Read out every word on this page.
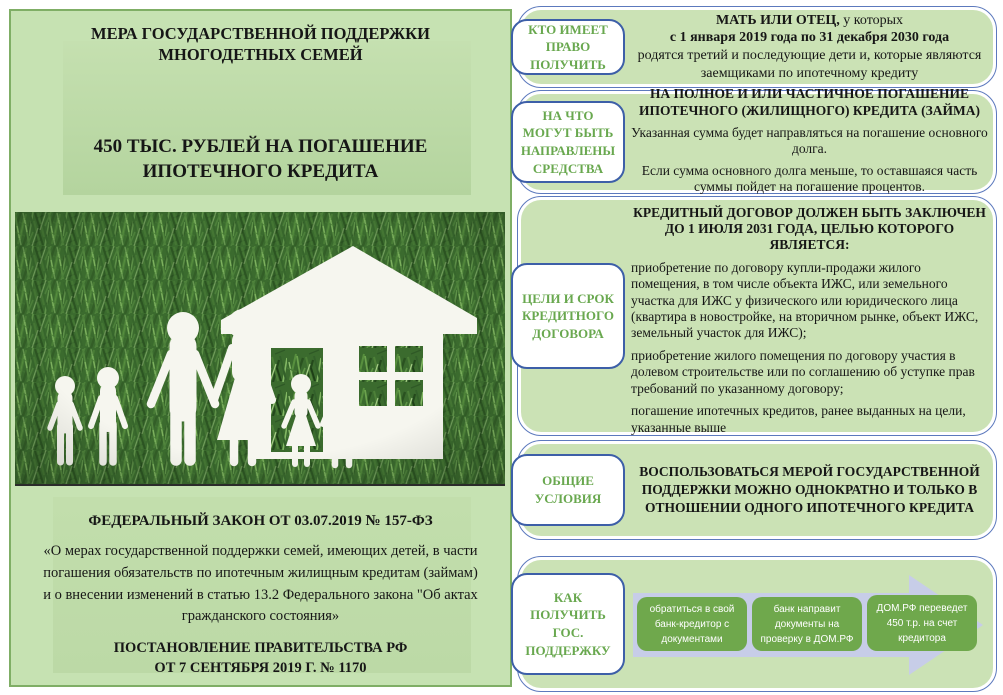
МЕРА ГОСУДАРСТВЕННОЙ ПОДДЕРЖКИ МНОГОДЕТНЫХ СЕМЕЙ
450 ТЫС. РУБЛЕЙ НА ПОГАШЕНИЕ ИПОТЕЧНОГО КРЕДИТА
ФЕДЕРАЛЬНЫЙ ЗАКОН ОТ 03.07.2019 № 157-ФЗ
«О мерах государственной поддержки семей, имеющих детей, в части погашения обязательств по ипотечным жилищным кредитам (займам) и о внесении изменений в статью 13.2 Федерального закона "Об актах гражданского состояния»
ПОСТАНОВЛЕНИЕ ПРАВИТЕЛЬСТВА РФ
ОТ 7 СЕНТЯБРЯ 2019 Г. № 1170
КТО ИМЕЕТ ПРАВО ПОЛУЧИТЬ
МАТЬ ИЛИ ОТЕЦ, у которых
с 1 января 2019 года по 31 декабря 2030 года
родятся третий и последующие дети и, которые являются заемщиками по ипотечному кредиту
НА ЧТО МОГУТ БЫТЬ НАПРАВЛЕНЫ СРЕДСТВА
НА ПОЛНОЕ И ИЛИ ЧАСТИЧНОЕ ПОГАШЕНИЕ ИПОТЕЧНОГО (ЖИЛИЩНОГО) КРЕДИТА (ЗАЙМА)
Указанная сумма будет направляться на погашение основного долга.
Если сумма основного долга меньше, то оставшаяся часть суммы пойдет на погашение процентов.
ЦЕЛИ И СРОК КРЕДИТНОГО ДОГОВОРА
КРЕДИТНЫЙ ДОГОВОР ДОЛЖЕН БЫТЬ ЗАКЛЮЧЕН ДО 1 ИЮЛЯ 2031 ГОДА, ЦЕЛЬЮ КОТОРОГО ЯВЛЯЕТСЯ:
приобретение по договору купли-продажи жилого помещения, в том числе объекта ИЖС, или земельного участка для ИЖС у физического или юридического лица (квартира в новостройке, на вторичном рынке, объект ИЖС, земельный участок для ИЖС);
приобретение жилого помещения по договору участия в долевом строительстве или по соглашению об уступке прав требований по указанному договору;
погашение ипотечных кредитов, ранее выданных на цели, указанные выше
ОБЩИЕ УСЛОВИЯ
ВОСПОЛЬЗОВАТЬСЯ МЕРОЙ ГОСУДАРСТВЕННОЙ ПОДДЕРЖКИ МОЖНО ОДНОКРАТНО И ТОЛЬКО В ОТНОШЕНИИ ОДНОГО ИПОТЕЧНОГО КРЕДИТА
КАК ПОЛУЧИТЬ ГОС. ПОДДЕРЖКУ
обратиться в свой банк-кредитор с документами
банк направит документы на проверку в ДОМ.РФ
ДОМ.РФ переведет 450 т.р. на счет кредитора
